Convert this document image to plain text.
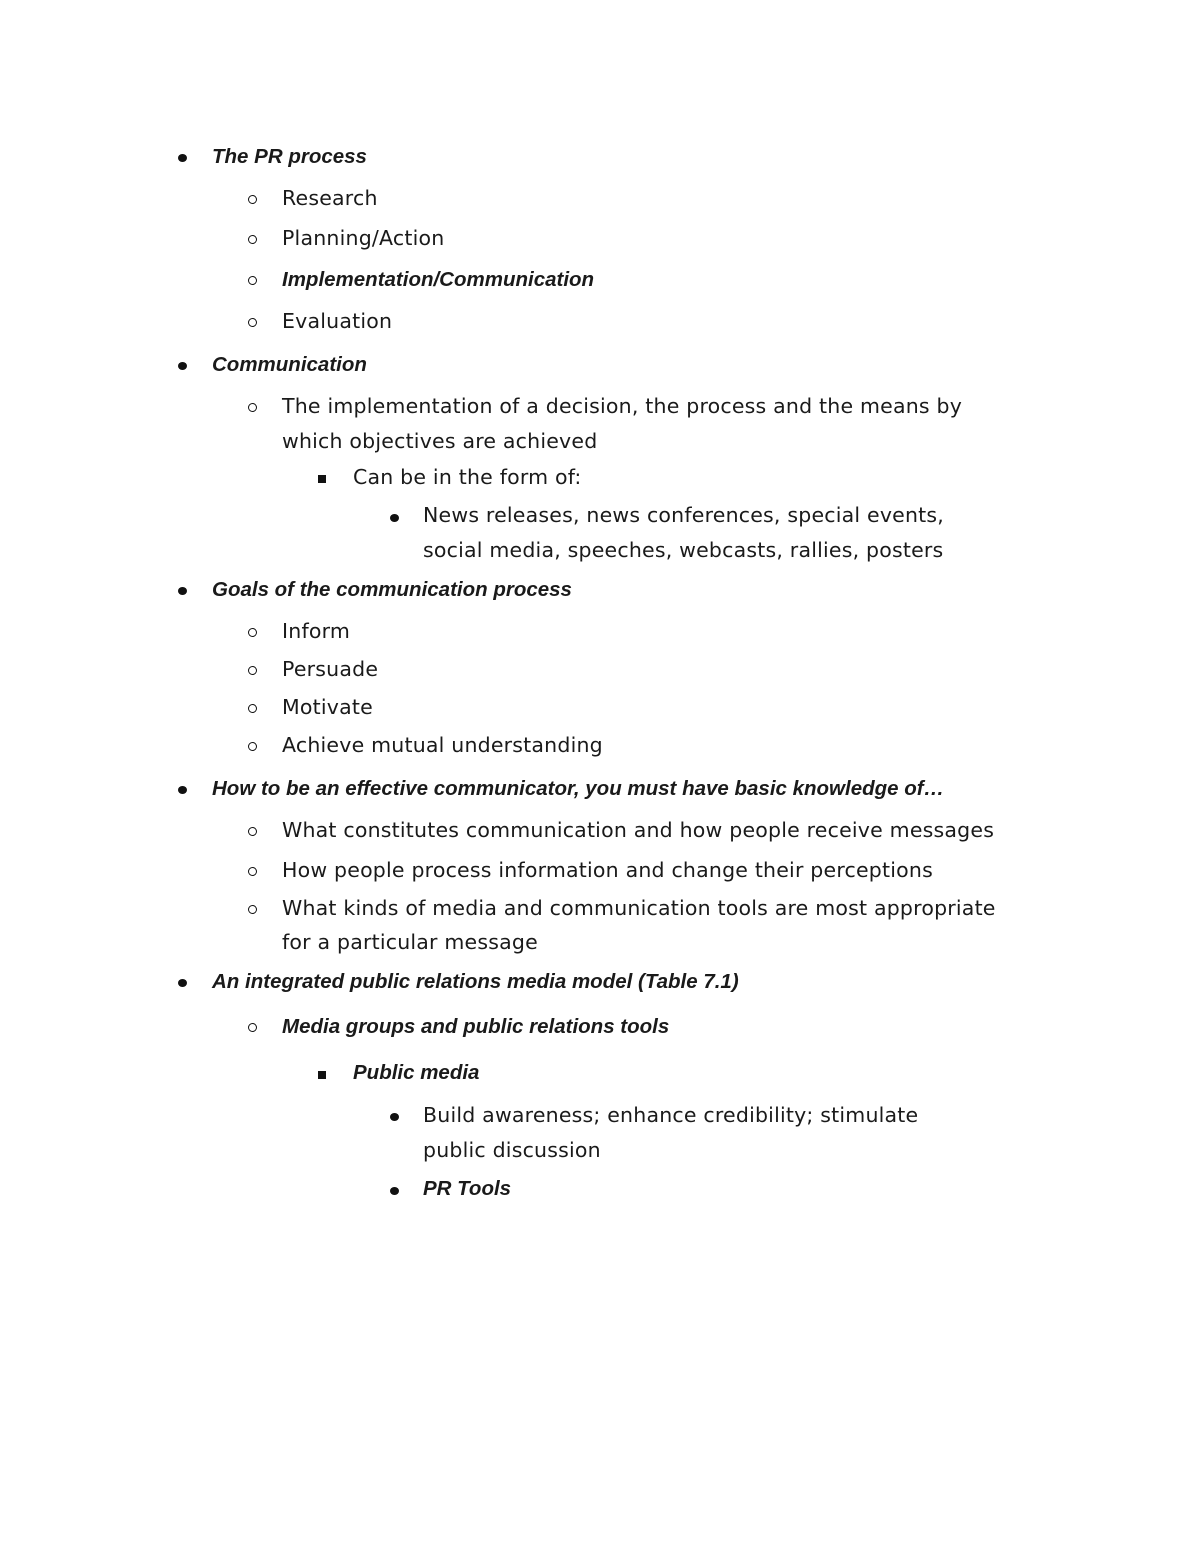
The PR process
Research
Planning/Action
Implementation/Communication
Evaluation
Communication
The implementation of a decision, the process and the means by
which objectives are achieved
Can be in the form of:
News releases, news conferences, special events,
social media, speeches, webcasts, rallies, posters
Goals of the communication process
Inform
Persuade
Motivate
Achieve mutual understanding
How to be an effective communicator, you must have basic knowledge of…
What constitutes communication and how people receive messages
How people process information and change their perceptions
What kinds of media and communication tools are most appropriate
for a particular message
An integrated public relations media model (Table 7.1)
Media groups and public relations tools
Public media
Build awareness; enhance credibility; stimulate
public discussion
PR Tools
